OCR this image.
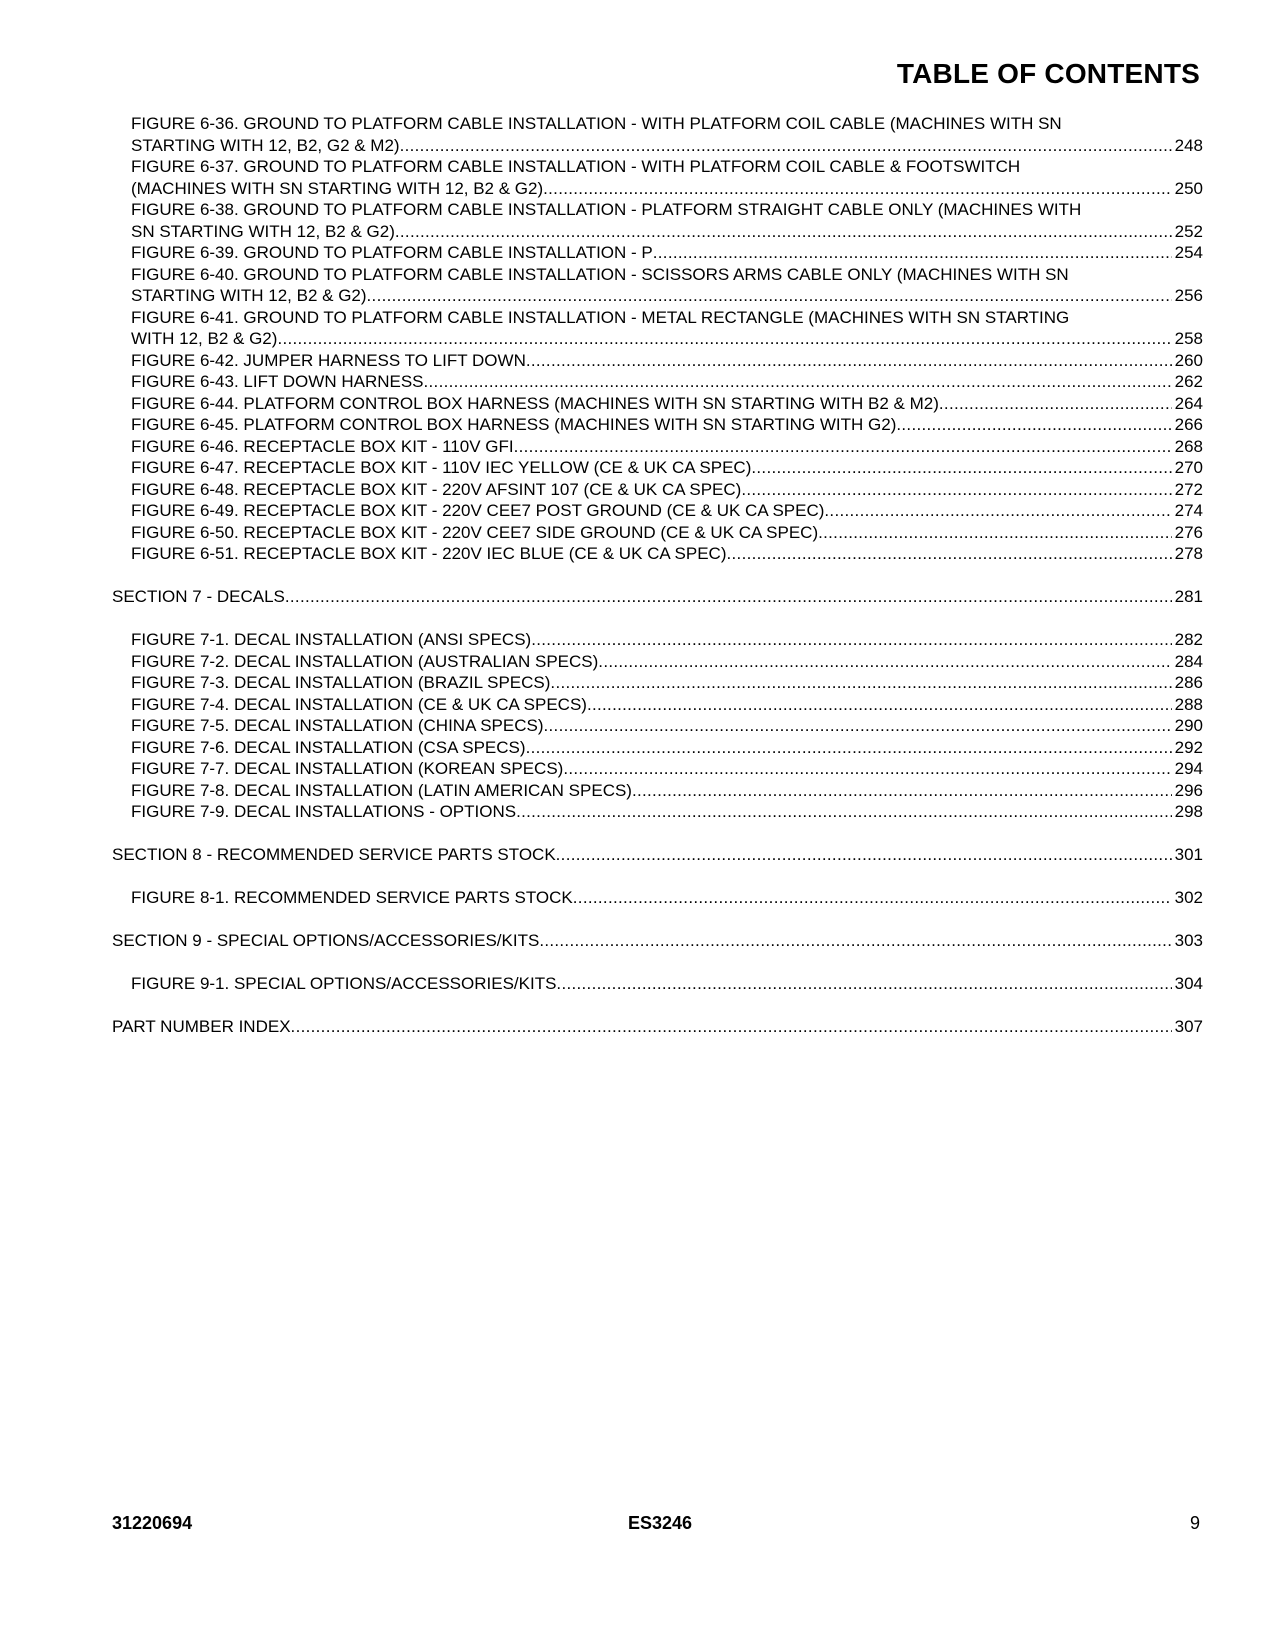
TABLE OF CONTENTS
FIGURE 6-36. GROUND TO PLATFORM CABLE INSTALLATION - WITH PLATFORM COIL CABLE (MACHINES WITH SN
STARTING WITH 12, B2, G2 & M2) .....	248
FIGURE 6-37. GROUND TO PLATFORM CABLE INSTALLATION - WITH PLATFORM COIL CABLE & FOOTSWITCH
(MACHINES WITH SN STARTING WITH 12, B2 & G2) .....	250
FIGURE 6-38. GROUND TO PLATFORM CABLE INSTALLATION - PLATFORM STRAIGHT CABLE ONLY (MACHINES WITH
SN STARTING WITH 12, B2 & G2) .....	252
FIGURE 6-39. GROUND TO PLATFORM CABLE INSTALLATION - P .....	254
FIGURE 6-40. GROUND TO PLATFORM CABLE INSTALLATION - SCISSORS ARMS CABLE ONLY (MACHINES WITH SN
STARTING WITH 12, B2 & G2) .....	256
FIGURE 6-41. GROUND TO PLATFORM CABLE INSTALLATION - METAL RECTANGLE (MACHINES WITH SN STARTING
WITH 12, B2 & G2) .....	258
FIGURE 6-42. JUMPER HARNESS TO LIFT DOWN .....	260
FIGURE 6-43. LIFT DOWN HARNESS .....	262
FIGURE 6-44. PLATFORM CONTROL BOX HARNESS (MACHINES WITH SN STARTING WITH B2 & M2) .....	264
FIGURE 6-45. PLATFORM CONTROL BOX HARNESS (MACHINES WITH SN STARTING WITH G2) .....	266
FIGURE 6-46. RECEPTACLE BOX KIT - 110V GFI .....	268
FIGURE 6-47. RECEPTACLE BOX KIT - 110V IEC YELLOW (CE & UK CA SPEC) .....	270
FIGURE 6-48. RECEPTACLE BOX KIT - 220V AFSINT 107 (CE & UK CA SPEC) .....	272
FIGURE 6-49. RECEPTACLE BOX KIT - 220V CEE7 POST GROUND (CE & UK CA SPEC) .....	274
FIGURE 6-50. RECEPTACLE BOX KIT - 220V CEE7 SIDE GROUND (CE & UK CA SPEC) .....	276
FIGURE 6-51. RECEPTACLE BOX KIT - 220V IEC BLUE (CE & UK CA SPEC) .....	278
SECTION 7 - DECALS .....	281
FIGURE 7-1. DECAL INSTALLATION (ANSI SPECS) .....	282
FIGURE 7-2. DECAL INSTALLATION (AUSTRALIAN SPECS) .....	284
FIGURE 7-3. DECAL INSTALLATION (BRAZIL SPECS) .....	286
FIGURE 7-4. DECAL INSTALLATION (CE & UK CA SPECS) .....	288
FIGURE 7-5. DECAL INSTALLATION (CHINA SPECS) .....	290
FIGURE 7-6. DECAL INSTALLATION (CSA SPECS) .....	292
FIGURE 7-7. DECAL INSTALLATION (KOREAN SPECS) .....	294
FIGURE 7-8. DECAL INSTALLATION (LATIN AMERICAN SPECS) .....	296
FIGURE 7-9. DECAL INSTALLATIONS - OPTIONS .....	298
SECTION 8 - RECOMMENDED SERVICE PARTS STOCK .....	301
FIGURE 8-1. RECOMMENDED SERVICE PARTS STOCK .....	302
SECTION 9 - SPECIAL OPTIONS/ACCESSORIES/KITS .....	303
FIGURE 9-1. SPECIAL OPTIONS/ACCESSORIES/KITS .....	304
PART NUMBER INDEX .....	307
31220694	ES3246	9
